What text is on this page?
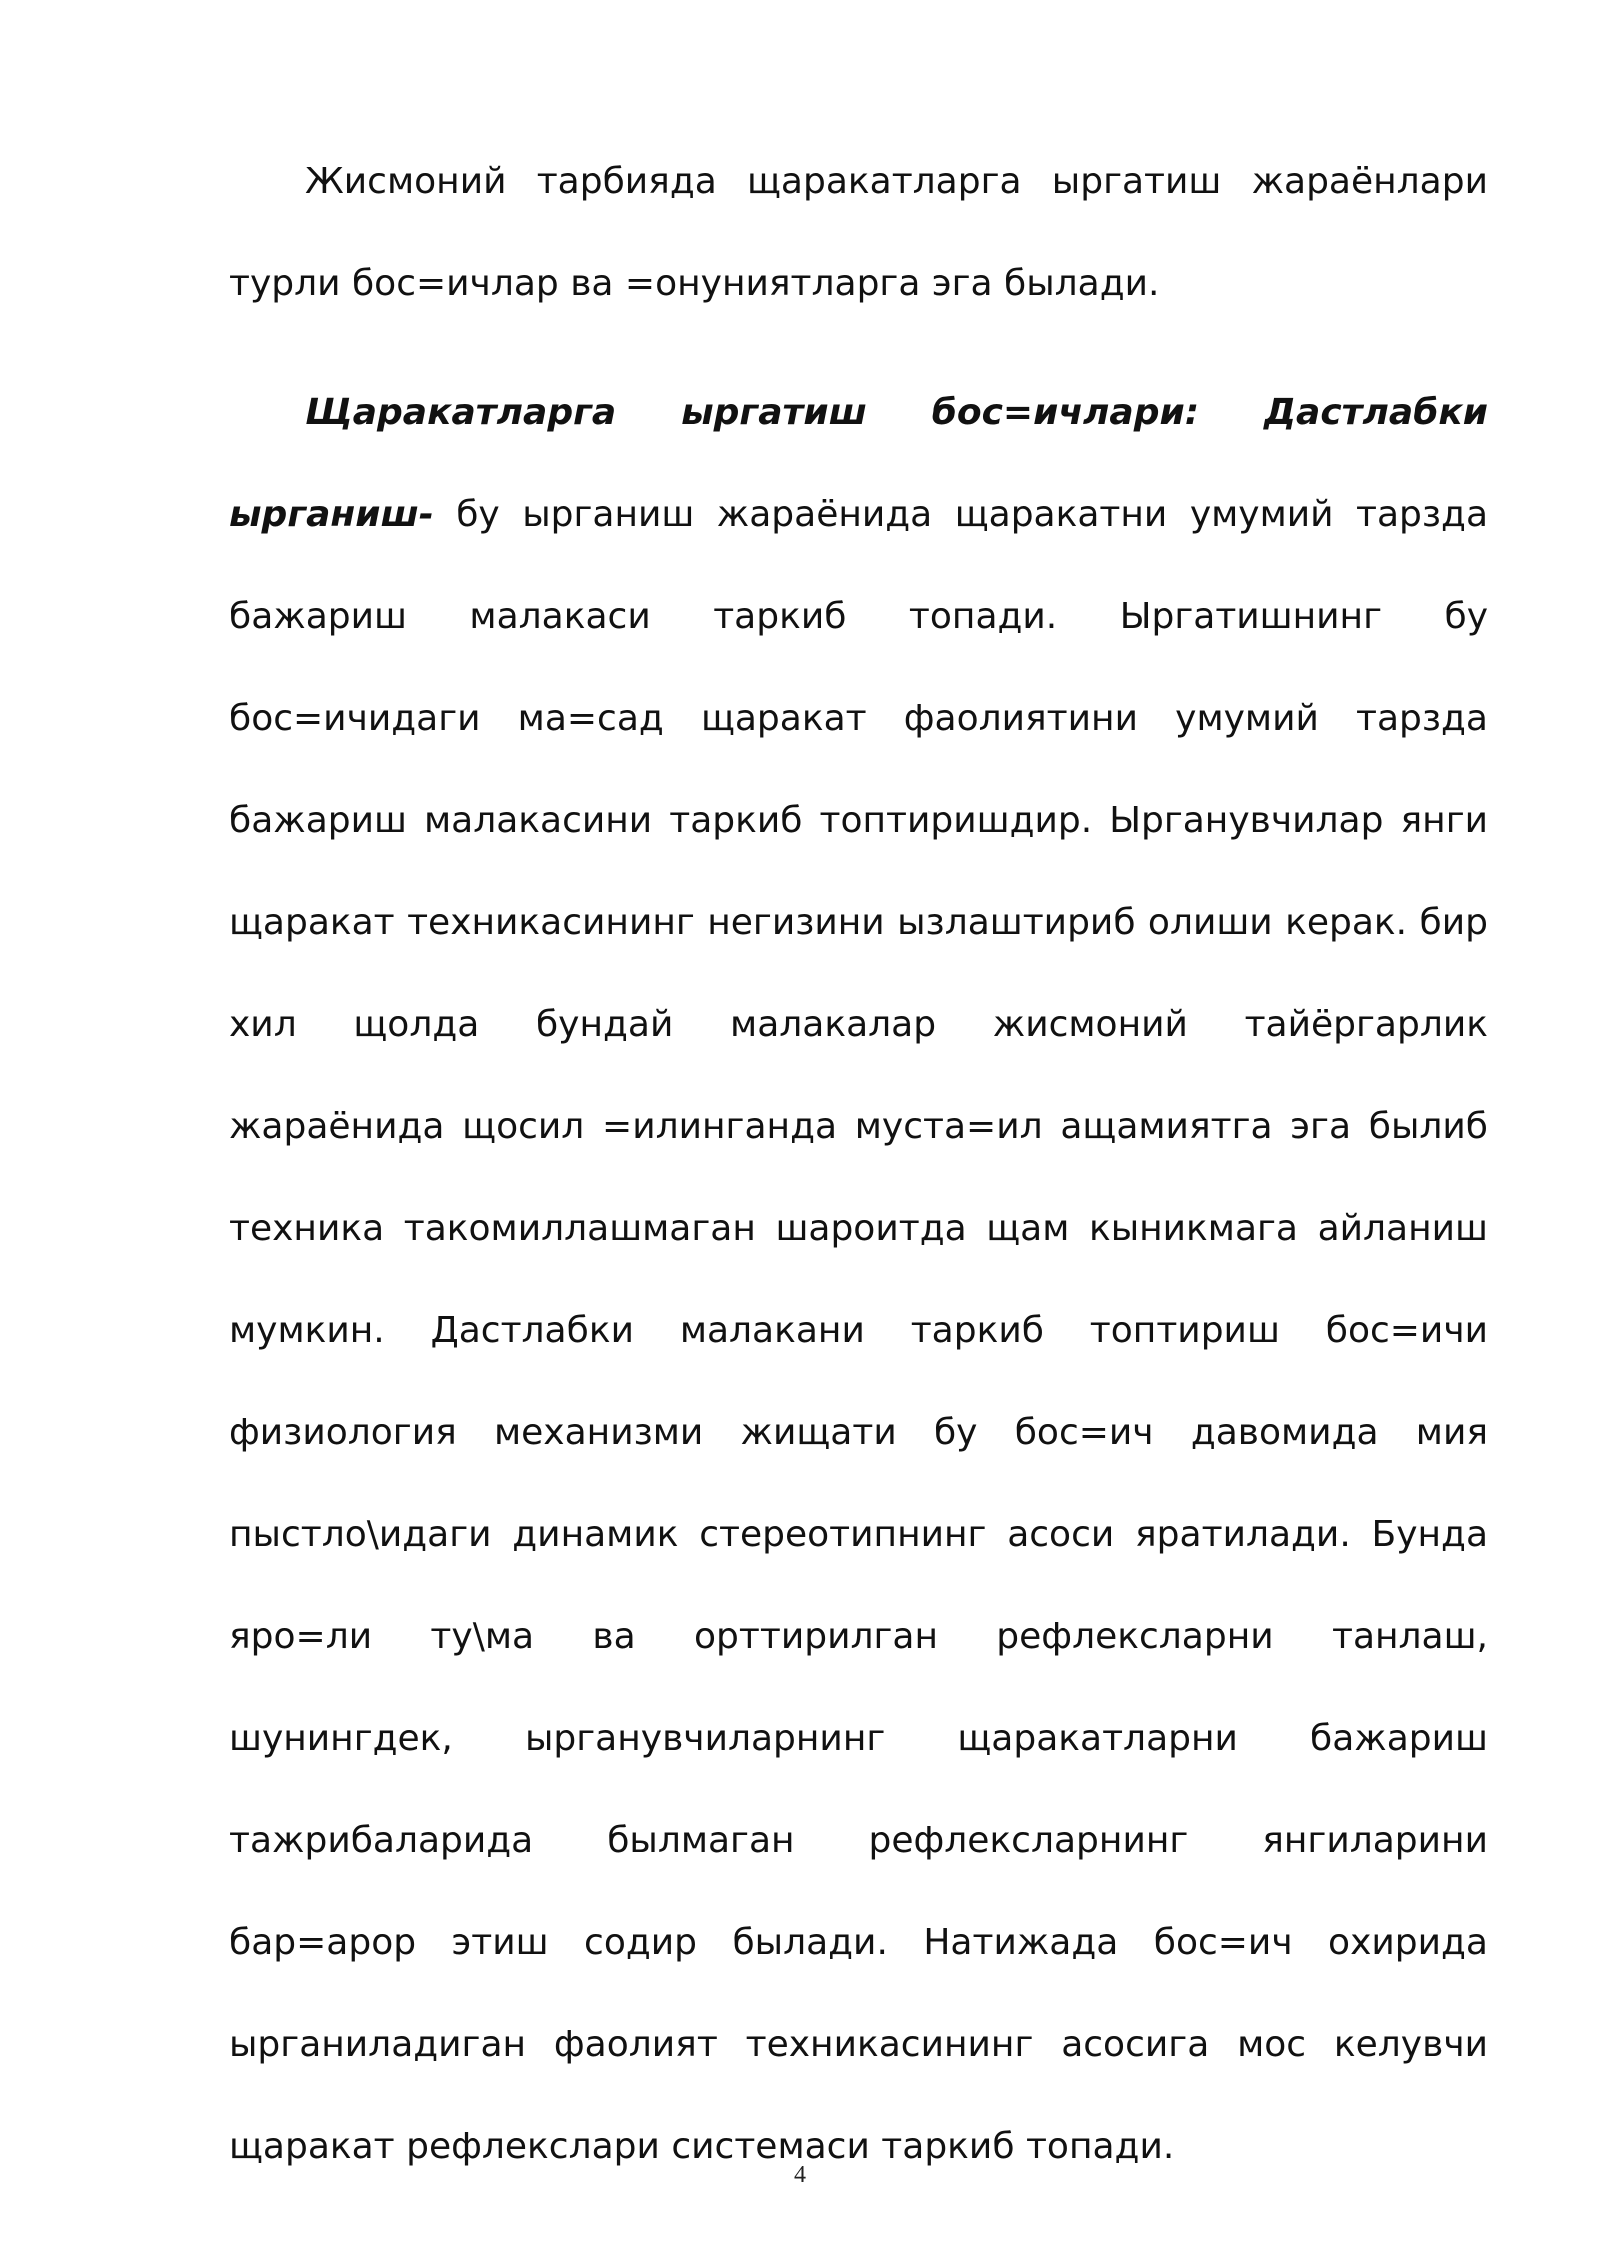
Жисмоний тарбияда щаракатларга ыргатиш жараёнлари турли бос=ичлар ва =онуниятларга эга былади.

Щаракатларга ыргатиш бос=ичлари: Дастлабки ырганиш- бу ырганиш жараёнида щаракатни умумий тарзда бажариш малакаси таркиб топади. Ыргатишнинг бу бос=ичидаги ма=сад щаракат фаолиятини умумий тарзда бажариш малакасини таркиб топтиришдир. Ырганувчилар янги щаракат техникасининг негизини ызлаштириб олиши керак. бир хил щолда бундай малакалар жисмоний тайёргарлик жараёнида щосил =илинганда муста=ил ащамиятга эга былиб техника такомиллашмаган шароитда щам кыникмага айланиш мумкин. Дастлабки малакани таркиб топтириш бос=ичи физиология механизми жищати бу бос=ич давомида мия пыстло\идаги динамик стереотипнинг асоси яратилади. Бунда яро=ли ту\ма ва орттирилган рефлексларни танлаш, шунингдек, ырганувчиларнинг щаракатларни бажариш тажрибаларида былмаган рефлексларнинг янгиларини бар=арор этиш содир былади. Натижада бос=ич охирида ырганиладиган фаолият техникасининг асосига мос келувчи щаракат рефлекслари системаси таркиб топади.

4
